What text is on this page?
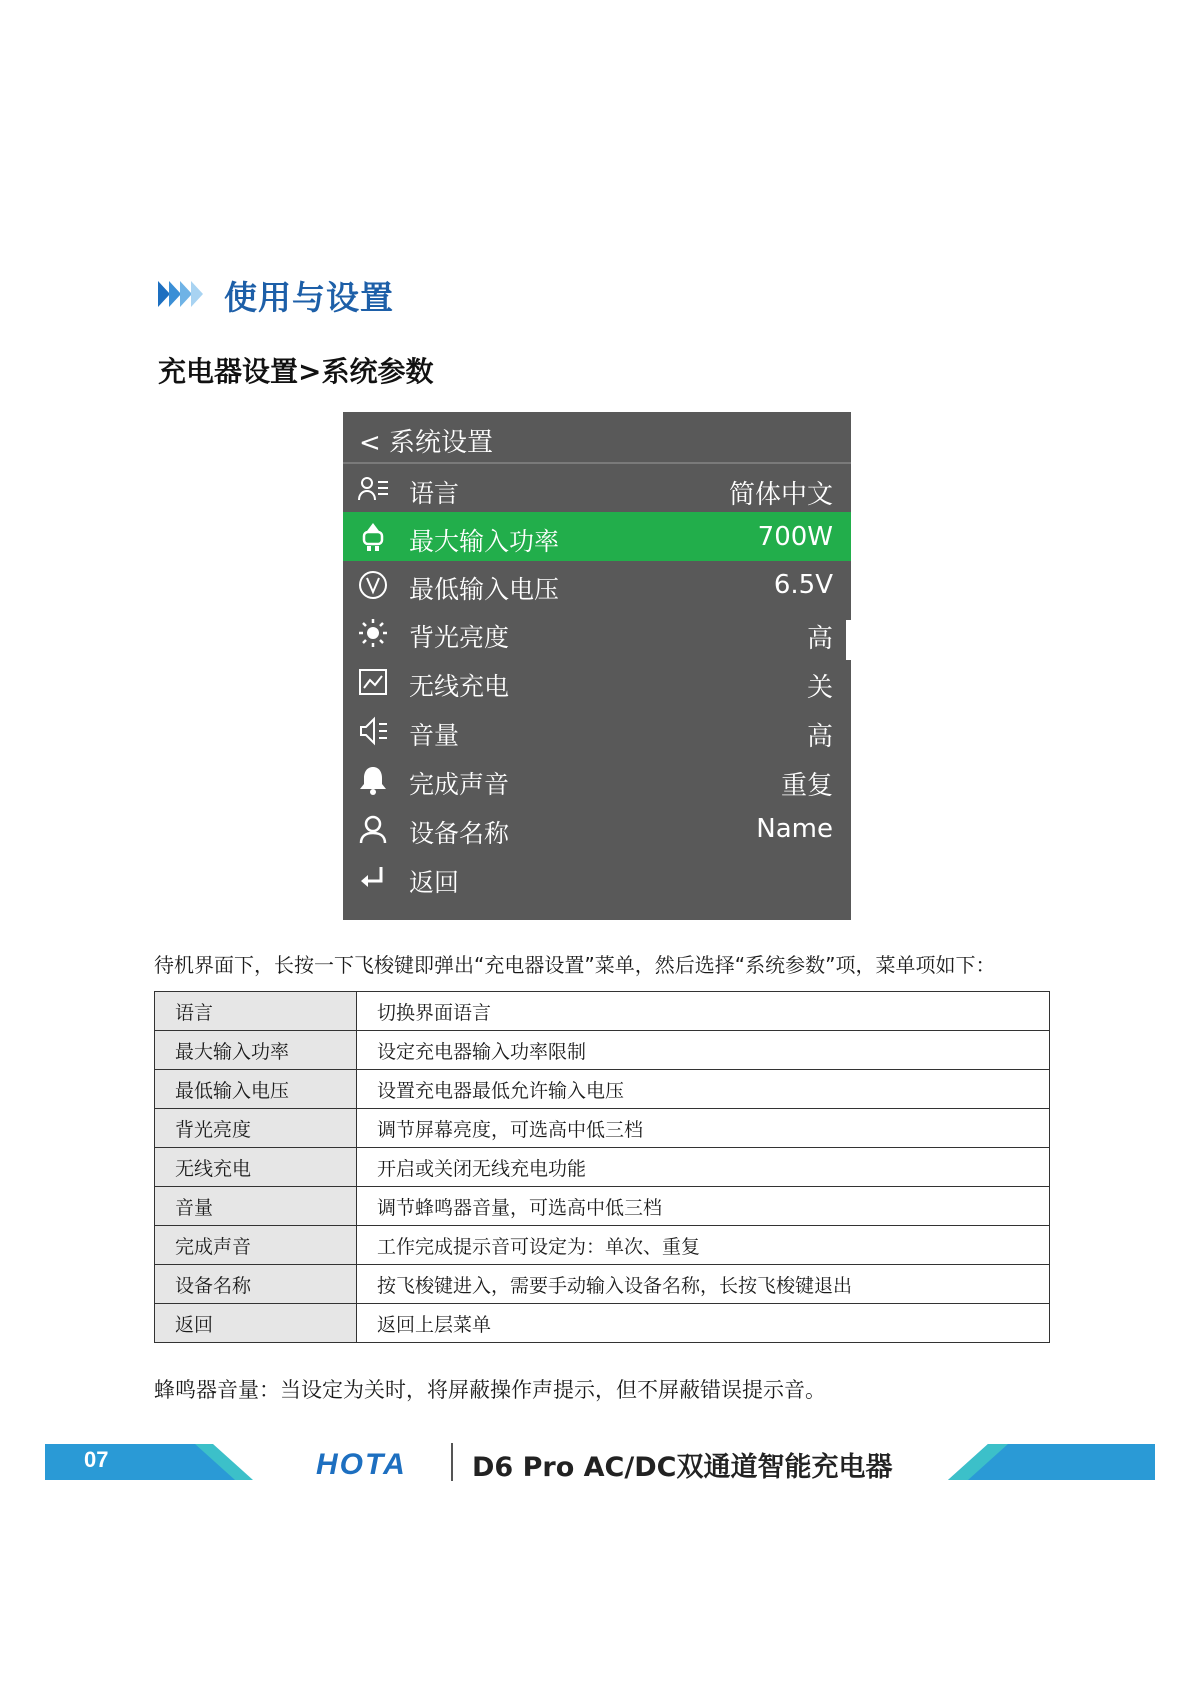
使用与设置
充电器设置>系统参数
< 系统设置
语言	简体中文
最大输入功率	700W
最低输入电压	6.5V
背光亮度	高
无线充电	关
音量	高
完成声音	重复
设备名称	Name
返回
待机界面下，长按一下飞梭键即弹出“充电器设置”菜单，然后选择“系统参数”项，菜单项如下：
语言	切换界面语言
最大输入功率	设定充电器输入功率限制
最低输入电压	设置充电器最低允许输入电压
背光亮度	调节屏幕亮度，可选高中低三档
无线充电	开启或关闭无线充电功能
音量	调节蜂鸣器音量，可选高中低三档
完成声音	工作完成提示音可设定为：单次、重复
设备名称	按飞梭键进入，需要手动输入设备名称，长按飞梭键退出
返回	返回上层菜单
蜂鸣器音量：当设定为关时，将屏蔽操作声提示，但不屏蔽错误提示音。
07	HOTA D6 Pro AC/DC双通道智能充电器
